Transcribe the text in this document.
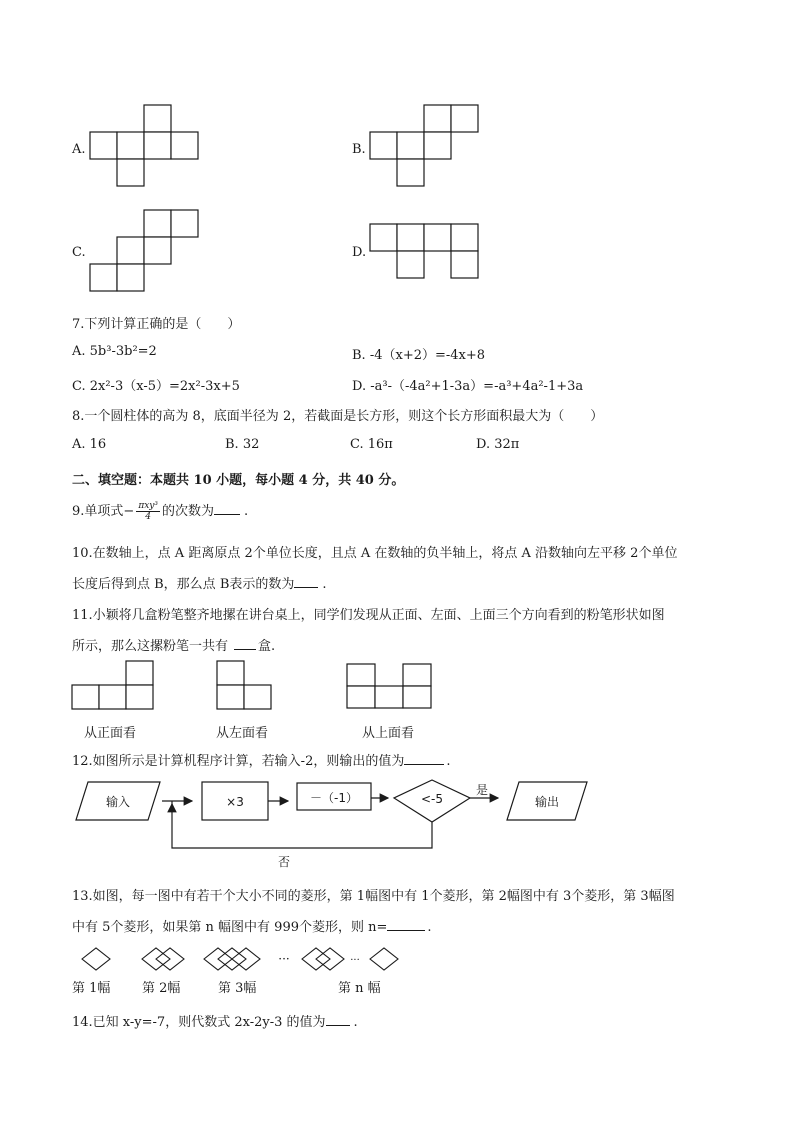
A.	B.
C.	D.
7.下列计算正确的是（　　）
A. 5b³-3b²=2	B. -4（x+2）=-4x+8
C. 2x²-3（x-5）=2x²-3x+5	D. -a³-（-4a²+1-3a）=-a³+4a²-1+3a
8.一个圆柱体的高为 8，底面半径为 2，若截面是长方形，则这个长方形面积最大为（　　）
A. 16	B. 32	C. 16π	D. 32π
二、填空题：本题共 10 小题，每小题 4 分，共 40 分。
9.单项式− $\frac{\text{πxy³}}{4}$ 的次数为 .
10.在数轴上，点 A 距离原点 2个单位长度，且点 A 在数轴的负半轴上，将点 A 沿数轴向左平移 2个单位
长度后得到点 B，那么点 B表示的数为 .
11.小颖将几盒粉笔整齐地摞在讲台桌上，同学们发现从正面、左面、上面三个方向看到的粉笔形状如图
所示，那么这摞粉笔一共有 盒.
从正面看	从左面看	从上面看
12.如图所示是计算机程序计算，若输入-2，则输出的值为	.
输入	×3	－（-1）	<-5
是
输出
否
13.如图，每一图中有若干个大小不同的菱形，第 1幅图中有 1个菱形，第 2幅图中有 3个菱形，第 3幅图
中有 5个菱形，如果第 n 幅图中有 999个菱形，则 n=	.
···	···
第 1幅 第 2幅	第 3幅	第 n 幅
14.已知 x-y=-7，则代数式 2x-2y-3 的值为 .
